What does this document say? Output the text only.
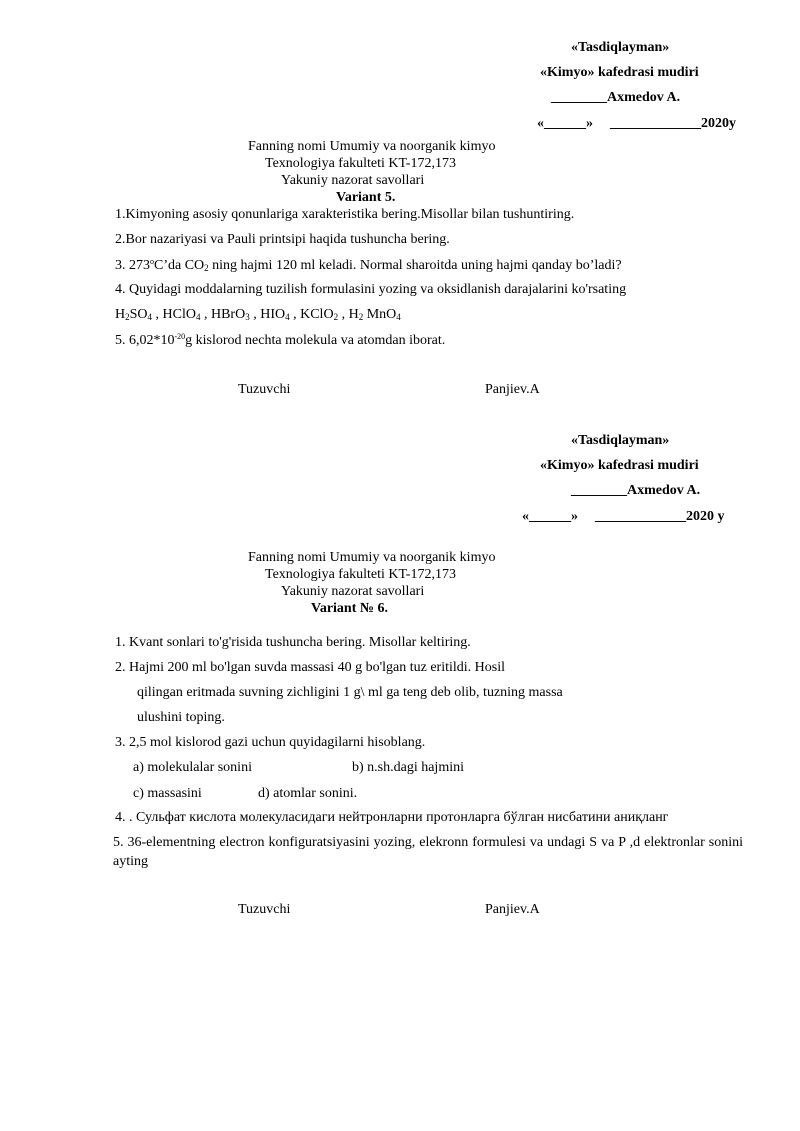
«Tasdiqlayman»
«Kimyo» kafedrasi mudiri
________Axmedov A.
«______» _____________2020y
Fanning nomi Umumiy va noorganik kimyo
Texnologiya fakulteti KT-172,173
Yakuniy nazorat savollari
Variant 5.
1.Kimyoning asosiy qonunlariga xarakteristika bering.Misollar bilan tushuntiring.
2.Bor nazariyasi va Pauli printsipi haqida tushuncha bering.
3. 273$^o$C’da $CO_2$ ning hajmi 120 ml keladi. Normal sharoitda uning hajmi qanday bo’ladi?
4. Quyidagi moddalarning tuzilish formulasini yozing va oksidlanish darajalarini ko'rsating
$H_2SO_4$ , HClO$_4$ , HBrO$_3$ , $HIO_4$ , KClO$_2$ , $H_2$ MnO$_4$
5. $6,02*10^{-20}g$ kislorod nechta molekula va atomdan iborat.
Tuzuvchi	Panjiev.A
«Tasdiqlayman»
«Kimyo» kafedrasi mudiri
________Axmedov A.
«______» _____________2020 y
Fanning nomi Umumiy va noorganik kimyo
Texnologiya fakulteti KT-172,173
Yakuniy nazorat savollari
Variant № 6.
1. Kvant sonlari to'g'risida tushuncha bering. Misollar keltiring.
2. Hajmi 200 ml bo'lgan suvda massasi 40 g bo'lgan tuz eritildi. Hosil
qilingan eritmada suvning zichligini 1 g\ ml ga teng deb olib, tuzning massa
ulushini toping.
3. 2,5 mol kislorod gazi uchun quyidagilarni hisoblang.
a) molekulalar sonini	b) n.sh.dagi hajmini
c) massasini	d) atomlar sonini.
4. . Сульфат кислота молекуласидаги нейтронларни протонларга бўлган нисбатини аниқланг
5. 36-elementning electron konfiguratsiyasini yozing, elekronn formulesi va undagi S va P ,d elektronlar sonini ayting
Tuzuvchi	Panjiev.A
